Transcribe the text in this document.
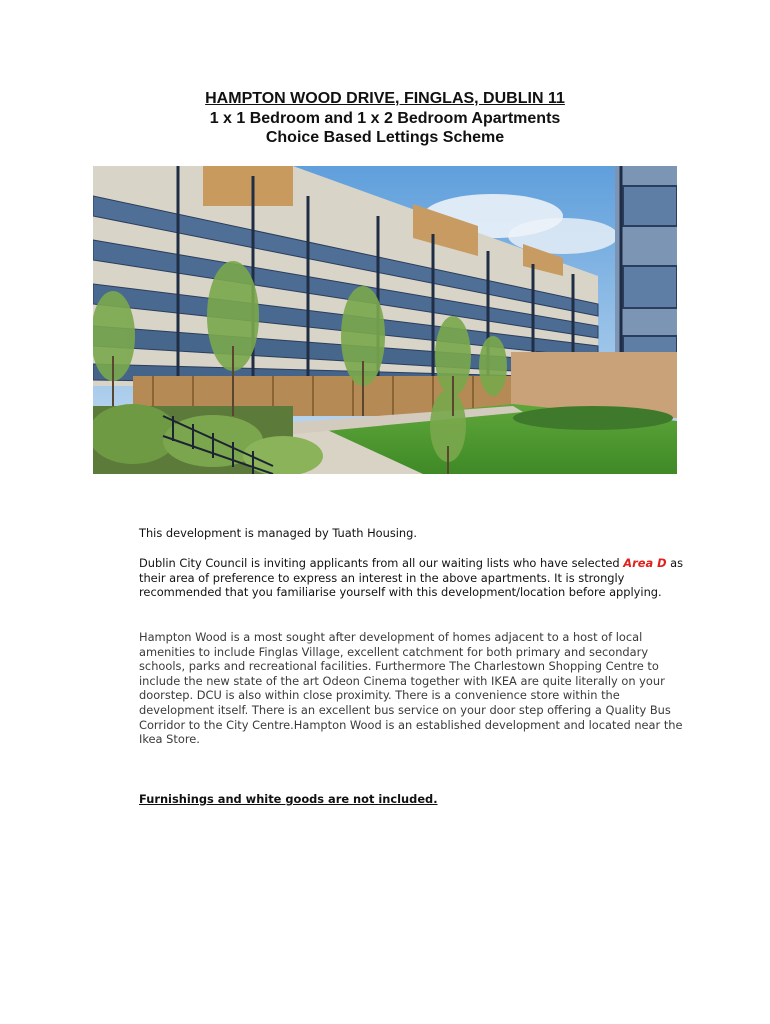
HAMPTON WOOD DRIVE, FINGLAS, DUBLIN 11
1 x 1 Bedroom and 1 x 2 Bedroom Apartments
Choice Based Lettings Scheme

This development is managed by Tuath Housing.

Dublin City Council is inviting applicants from all our waiting lists who have selected Area D as their area of preference to express an interest in the above apartments. It is strongly recommended that you familiarise yourself with this development/location before applying.

Hampton Wood is a most sought after development of homes adjacent to a host of local amenities to include Finglas Village, excellent catchment for both primary and secondary schools, parks and recreational facilities. Furthermore The Charlestown Shopping Centre to include the new state of the art Odeon Cinema together with IKEA are quite literally on your doorstep. DCU is also within close proximity. There is a convenience store within the development itself. There is an excellent bus service on your door step offering a Quality Bus Corridor to the City Centre.Hampton Wood is an established development and located near the Ikea Store.

Furnishings and white goods are not included.
